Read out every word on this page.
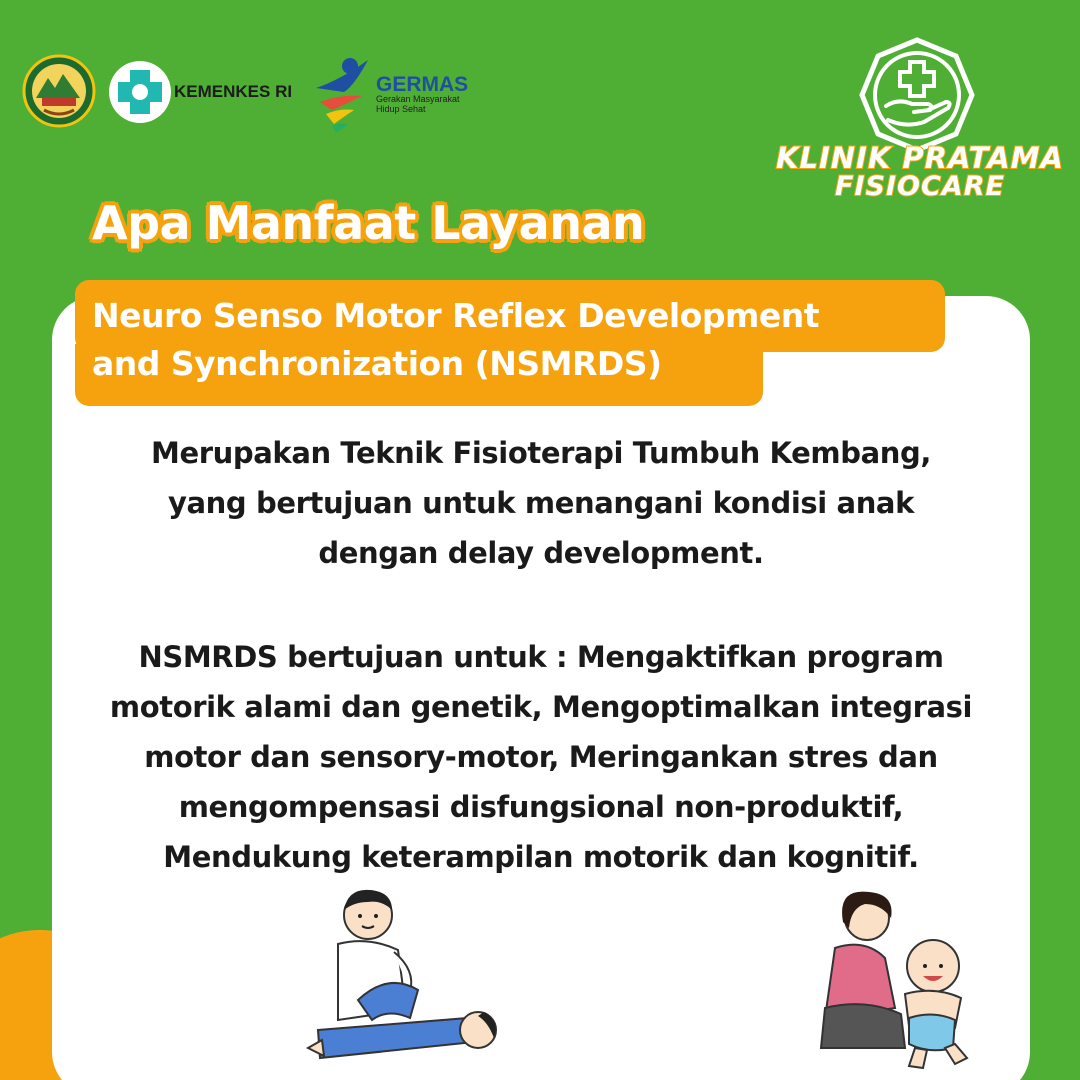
KEMENKES RI	GERMAS
Gerakan Masyarakat
Hidup Sehat
KLINIK PRATAMA
FISIOCARE
Apa Manfaat Layanan
Neuro Senso Motor Reflex Development
and Synchronization (NSMRDS)
Merupakan Teknik Fisioterapi Tumbuh Kembang,
yang bertujuan untuk menangani kondisi anak
dengan delay development.
NSMRDS bertujuan untuk : Mengaktifkan program
motorik alami dan genetik, Mengoptimalkan integrasi
motor dan sensory-motor, Meringankan stres dan
mengompensasi disfungsional non-produktif,
Mendukung keterampilan motorik dan kognitif.
